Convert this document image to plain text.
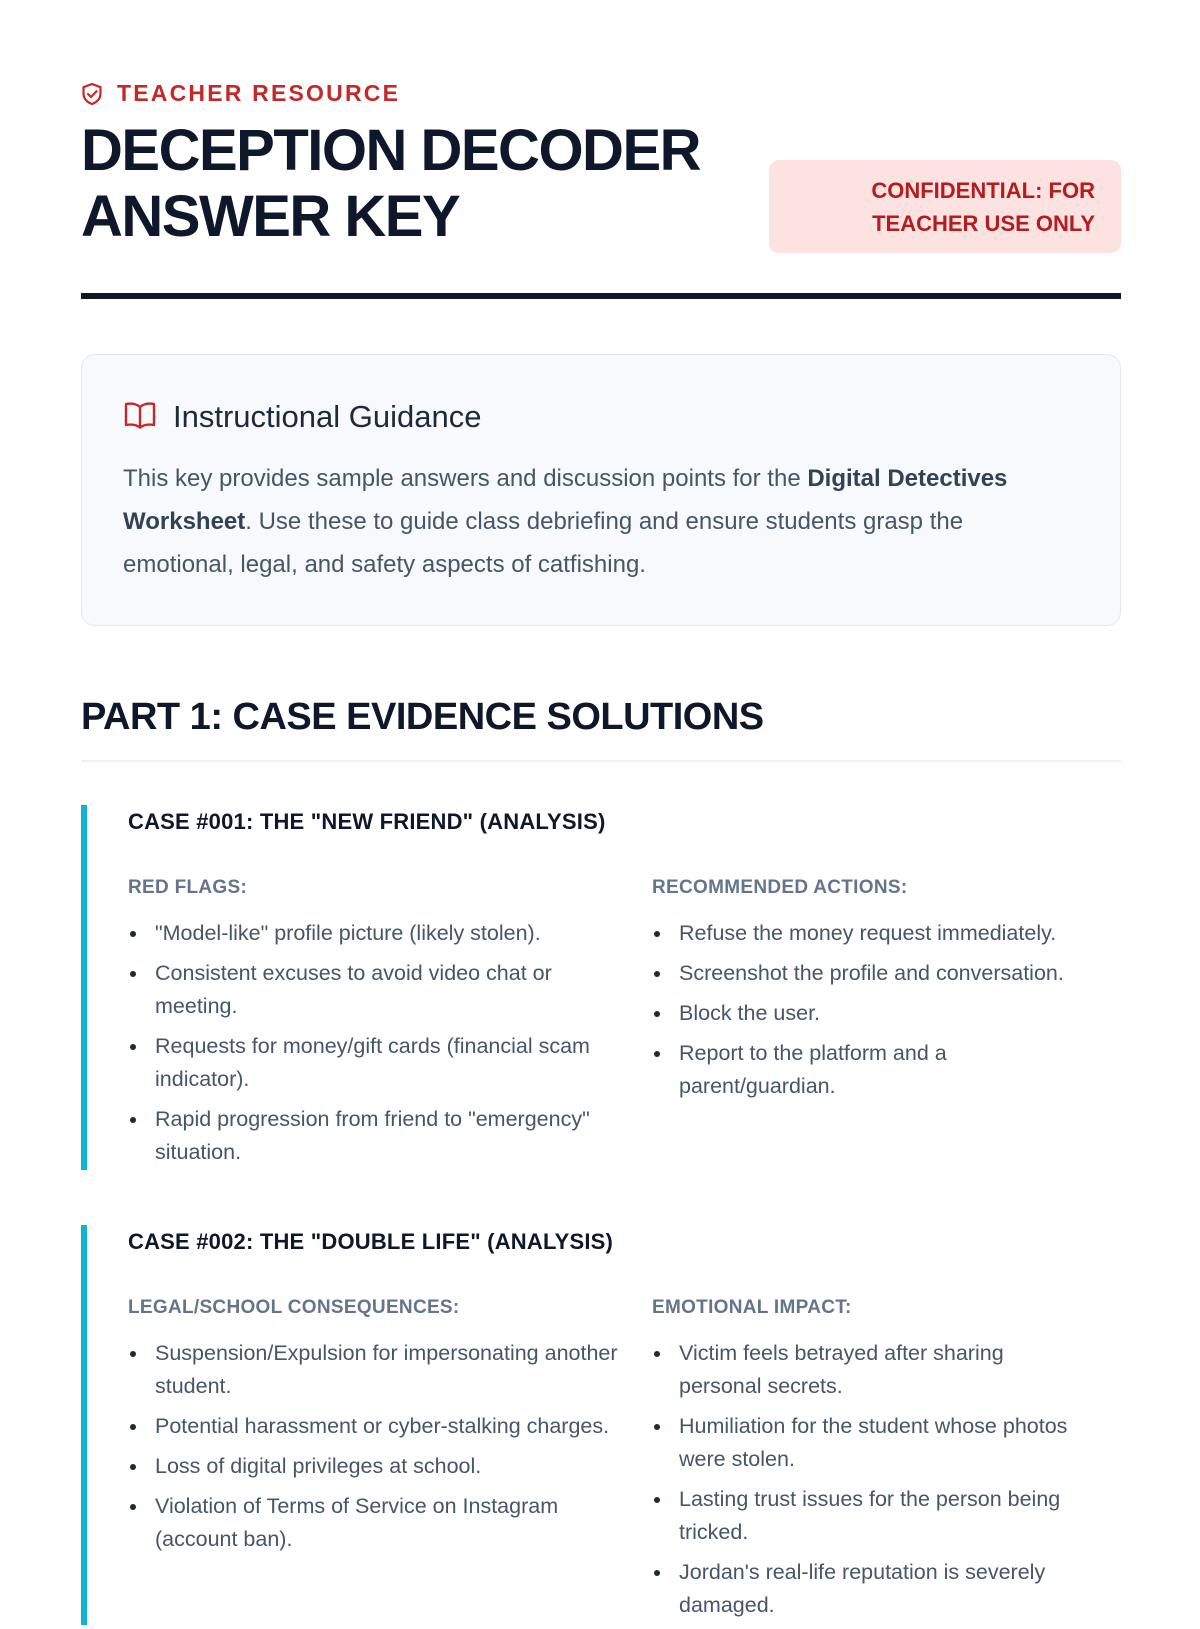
TEACHER RESOURCE
DECEPTION DECODER ANSWER KEY	CONFIDENTIAL: FOR TEACHER USE ONLY
Instructional Guidance

This key provides sample answers and discussion points for the Digital Detectives Worksheet. Use these to guide class debriefing and ensure students grasp the emotional, legal, and safety aspects of catfishing.

PART 1: CASE EVIDENCE SOLUTIONS
CASE #001: THE "NEW FRIEND" (ANALYSIS)
RED FLAGS:
"Model-like" profile picture (likely stolen).
Consistent excuses to avoid video chat or meeting.
Requests for money/gift cards (financial scam indicator).
Rapid progression from friend to "emergency" situation.
RECOMMENDED ACTIONS:
Refuse the money request immediately.
Screenshot the profile and conversation.
Block the user.
Report to the platform and a parent/guardian.
CASE #002: THE "DOUBLE LIFE" (ANALYSIS)
LEGAL/SCHOOL CONSEQUENCES:
Suspension/Expulsion for impersonating another student.
Potential harassment or cyber-stalking charges.
Loss of digital privileges at school.
Violation of Terms of Service on Instagram (account ban).
EMOTIONAL IMPACT:
Victim feels betrayed after sharing personal secrets.
Humiliation for the student whose photos were stolen.
Lasting trust issues for the person being tricked.
Jordan's real-life reputation is severely damaged.
